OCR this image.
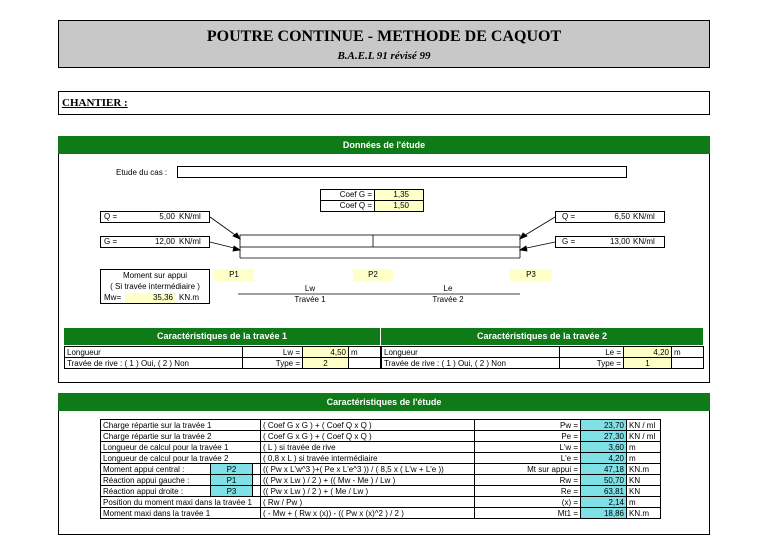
POUTRE CONTINUE - METHODE DE CAQUOT
B.A.E.L 91 révisé 99
CHANTIER :
Données de l'étude
Etude du cas :
Coef G =	1,35
Coef Q =	1,50
Q =	5,00 KN/ml
G =	12,00 KN/ml
Q =	6,50 KN/ml
G =	13,00 KN/ml
P1	P2	P3
Moment sur appui
( Si travée intermédiaire )
Mw=	35,36 KN.m
Lw	Le
Travée 1	Travée 2
Caractéristiques de la travée 1
Longueur	Lw =	4,50	m
Travée de rive : ( 1 ) Oui, ( 2 ) Non	Type =	2	
Caractéristiques de la travée 2
Longueur	Le =	4,20	m
Travée de rive : ( 1 ) Oui, ( 2 ) Non	Type =	1	
Caractéristiques de l'étude
Charge répartie sur la travée 1			( Coef G x G ) + ( Coef Q x Q )	Pw =	23,70	KN / ml
Charge répartie sur la travée 2			( Coef G x G ) + ( Coef Q x Q )	Pe =	27,30	KN / ml
Longueur de calcul pour la travée 1			( L ) si travée de rive	L'w =	3,60	m
Longueur de calcul pour la travée 2			( 0,8 x L ) si travée intermédiaire	L'e =	4,20	m
Moment appui central :	P2		(( Pw x L'w^3 )+( Pe x L'e^3 )) / ( 8,5 x ( L'w + L'e ))	Mt sur appui =	47,18	KN.m
Réaction appui gauche :	P1		(( Pw x Lw ) / 2 ) + (( Mw - Me ) / Lw )	Rw =	50,70	KN
Réaction appui droite :	P3		(( Pw x Lw ) / 2 ) + ( Me / Lw )	Re =	63,81	KN
Position du moment maxi dans la travée 1			( Rw / Pw )	(x) =	2,14	m
Moment maxi dans la travée 1			( - Mw + ( Rw x (x)) - (( Pw x (x)^2 ) / 2 )	Mt1 =	18,86	KN.m
